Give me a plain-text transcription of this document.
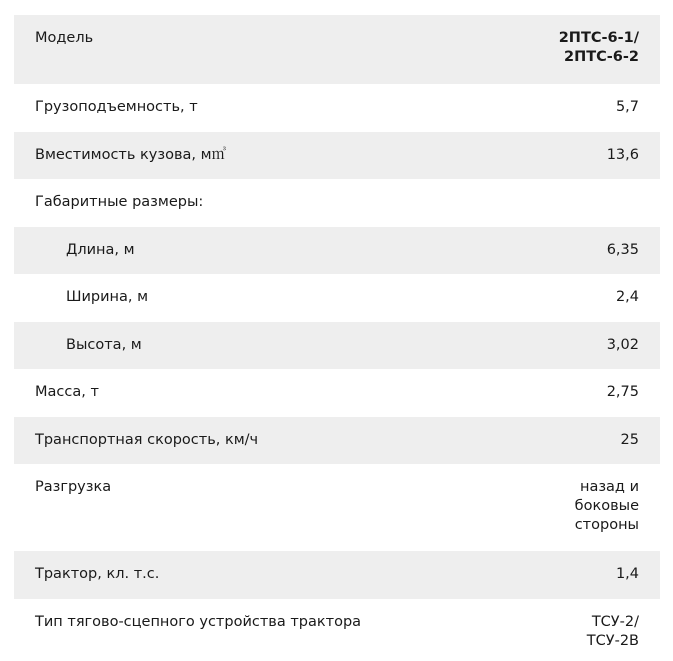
Модель	2ПТС-6-1/
2ПТС-6-2
Грузоподъемность, т	5,7
Вместимость кузова, м㎥	13,6
Габаритные размеры:
Длина, м	6,35
Ширина, м	2,4
Высота, м	3,02
Масса, т	2,75
Транспортная скорость, км/ч	25
Разгрузка	назад и
боковые
стороны
Трактор, кл. т.с.	1,4
Тип тягово-сцепного устройства трактора	ТСУ-2/
ТСУ-2В
